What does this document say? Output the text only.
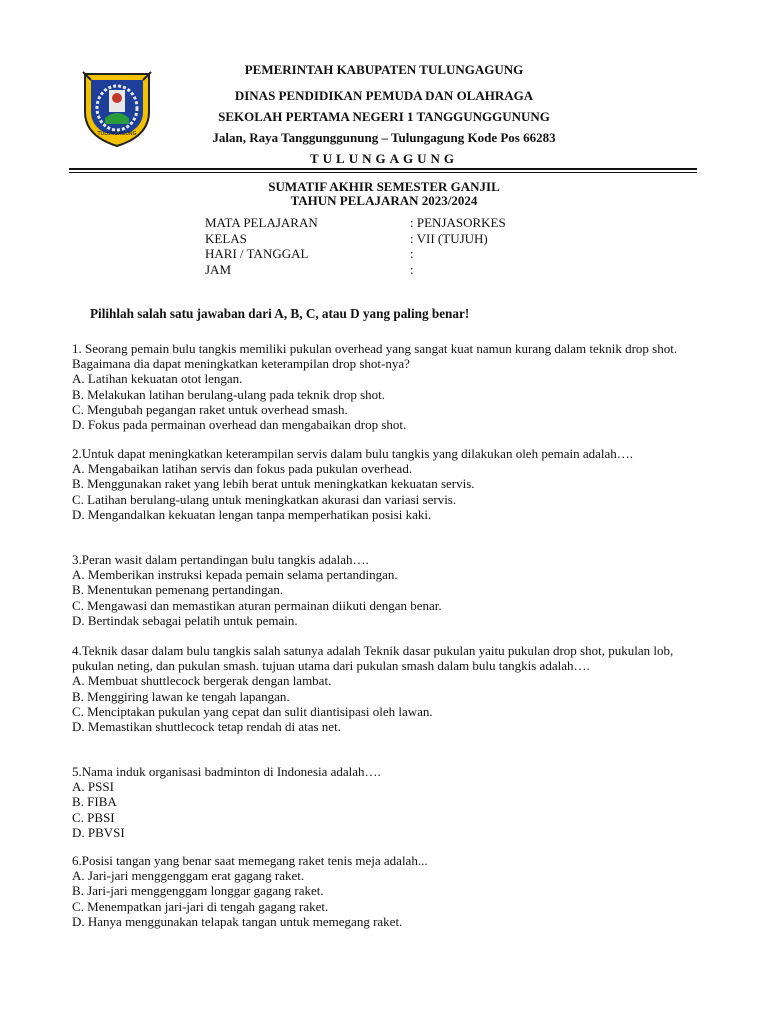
TULUNGAGUNG
PEMERINTAH KABUPATEN TULUNGAGUNG
DINAS PENDIDIKAN PEMUDA DAN OLAHRAGA
SEKOLAH PERTAMA NEGERI 1 TANGGUNGGUNUNG
Jalan, Raya Tanggunggunung – Tulungagung Kode Pos 66283
TULUNGAGUNG
SUMATIF AKHIR SEMESTER GANJIL
TAHUN PELAJARAN 2023/2024
MATA PELAJARAN	: PENJASORKES
KELAS	: VII (TUJUH)
HARI / TANGGAL	:
JAM	:
Pilihlah salah satu jawaban dari A, B, C, atau D yang paling benar!

1. Seorang pemain bulu tangkis memiliki pukulan overhead yang sangat kuat namun kurang dalam teknik drop shot. Bagaimana dia dapat meningkatkan keterampilan drop shot-nya?

A. Latihan kekuatan otot lengan.

B. Melakukan latihan berulang-ulang pada teknik drop shot.

C. Mengubah pegangan raket untuk overhead smash.

D. Fokus pada permainan overhead dan mengabaikan drop shot.

2.Untuk dapat meningkatkan keterampilan servis dalam bulu tangkis yang dilakukan oleh pemain adalah….

A. Mengabaikan latihan servis dan fokus pada pukulan overhead.

B. Menggunakan raket yang lebih berat untuk meningkatkan kekuatan servis.

C. Latihan berulang-ulang untuk meningkatkan akurasi dan variasi servis.

D. Mengandalkan kekuatan lengan tanpa memperhatikan posisi kaki.

3.Peran wasit dalam pertandingan bulu tangkis adalah….

A. Memberikan instruksi kepada pemain selama pertandingan.

B. Menentukan pemenang pertandingan.

C. Mengawasi dan memastikan aturan permainan diikuti dengan benar.

D. Bertindak sebagai pelatih untuk pemain.

4.Teknik dasar dalam bulu tangkis salah satunya adalah Teknik dasar pukulan yaitu pukulan drop shot, pukulan lob, pukulan neting, dan pukulan smash. tujuan utama dari pukulan smash dalam bulu tangkis adalah….

A. Membuat shuttlecock bergerak dengan lambat.

B. Menggiring lawan ke tengah lapangan.

C. Menciptakan pukulan yang cepat dan sulit diantisipasi oleh lawan.

D. Memastikan shuttlecock tetap rendah di atas net.

5.Nama induk organisasi badminton di Indonesia adalah….

A. PSSI

B. FIBA

C. PBSI

D. PBVSI

6.Posisi tangan yang benar saat memegang raket tenis meja adalah...

A. Jari-jari menggenggam erat gagang raket.

B. Jari-jari menggenggam longgar gagang raket.

C. Menempatkan jari-jari di tengah gagang raket.

D. Hanya menggunakan telapak tangan untuk memegang raket.
